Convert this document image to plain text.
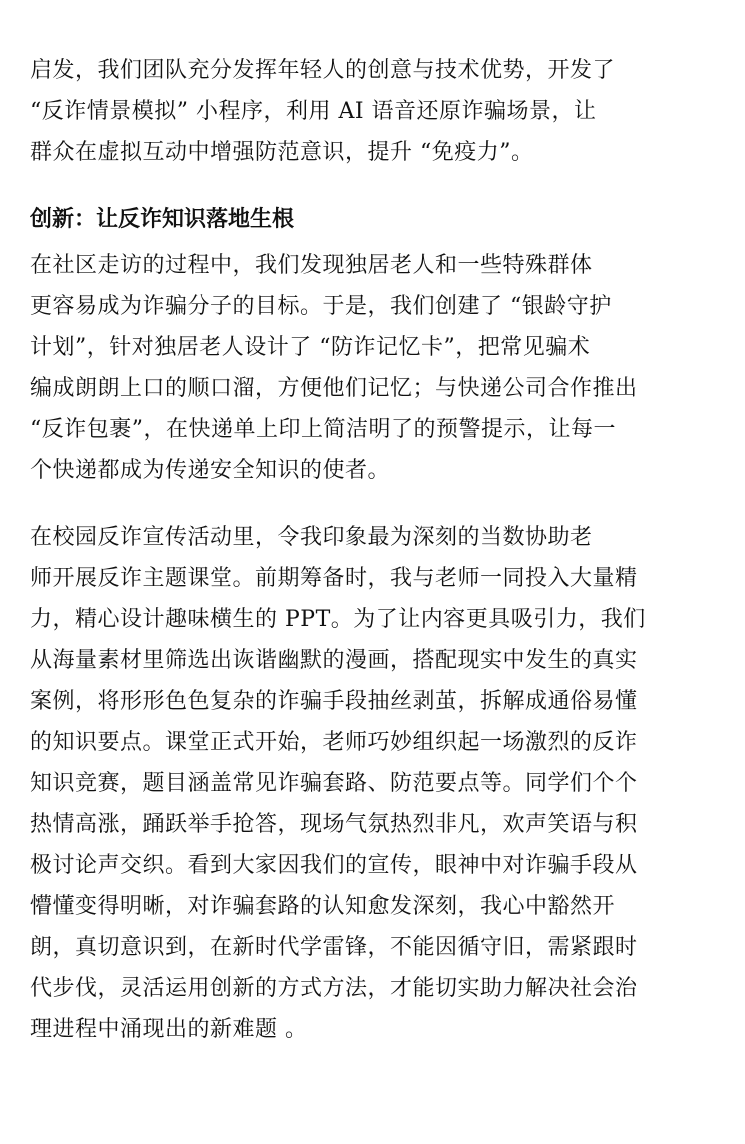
启发，我们团队充分发挥年轻人的创意与技术优势，开发了
“反诈情景模拟” 小程序，利用 AI 语音还原诈骗场景，让
群众在虚拟互动中增强防范意识，提升 “免疫力”。
创新：让反诈知识落地生根
在社区走访的过程中，我们发现独居老人和一些特殊群体
更容易成为诈骗分子的目标。于是，我们创建了 “银龄守护
计划”，针对独居老人设计了 “防诈记忆卡”，把常见骗术
编成朗朗上口的顺口溜，方便他们记忆；与快递公司合作推出
“反诈包裹”，在快递单上印上简洁明了的预警提示，让每一
个快递都成为传递安全知识的使者。
在校园反诈宣传活动里，令我印象最为深刻的当数协助老
师开展反诈主题课堂。前期筹备时，我与老师一同投入大量精
力，精心设计趣味横生的 PPT。为了让内容更具吸引力，我们
从海量素材里筛选出诙谐幽默的漫画，搭配现实中发生的真实
案例，将形形色色复杂的诈骗手段抽丝剥茧，拆解成通俗易懂
的知识要点。课堂正式开始，老师巧妙组织起一场激烈的反诈
知识竞赛，题目涵盖常见诈骗套路、防范要点等。同学们个个
热情高涨，踊跃举手抢答，现场气氛热烈非凡，欢声笑语与积
极讨论声交织。看到大家因我们的宣传，眼神中对诈骗手段从
懵懂变得明晰，对诈骗套路的认知愈发深刻，我心中豁然开
朗，真切意识到，在新时代学雷锋，不能因循守旧，需紧跟时
代步伐，灵活运用创新的方式方法，才能切实助力解决社会治
理进程中涌现出的新难题 。
